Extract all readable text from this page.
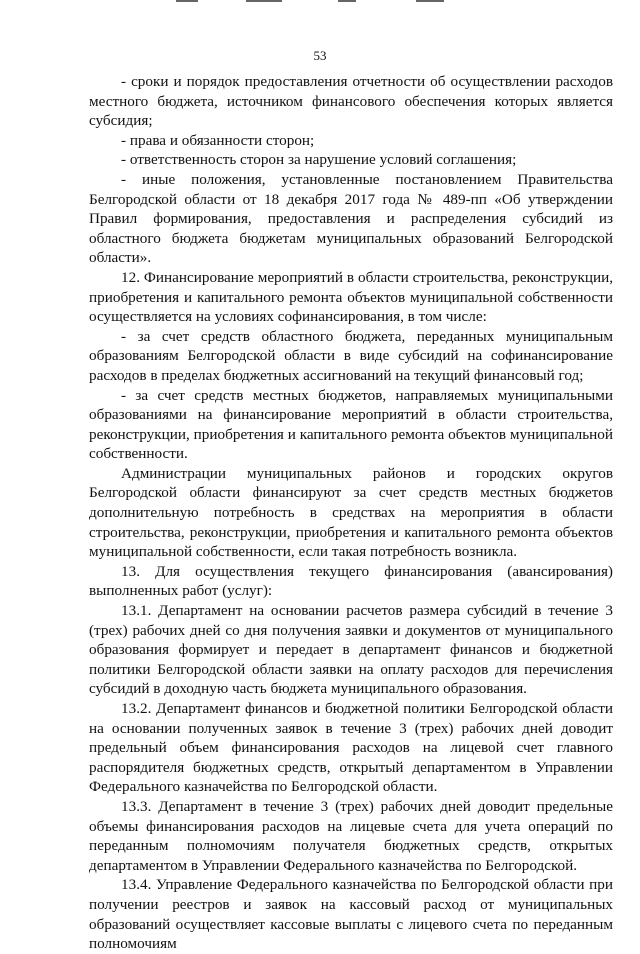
53

- сроки и порядок предоставления отчетности об осуществлении расходов местного бюджета, источником финансового обеспечения которых является субсидия;

- права и обязанности сторон;

- ответственность сторон за нарушение условий соглашения;

- иные положения, установленные постановлением Правительства Белгородской области от 18 декабря 2017 года № 489-пп «Об утверждении Правил формирования, предоставления и распределения субсидий из областного бюджета бюджетам муниципальных образований Белгородской области».

12. Финансирование мероприятий в области строительства, реконструкции, приобретения и капитального ремонта объектов муниципальной собственности осуществляется на условиях софинансирования, в том числе:

- за счет средств областного бюджета, переданных муниципальным образованиям Белгородской области в виде субсидий на софинансирование расходов в пределах бюджетных ассигнований на текущий финансовый год;

- за счет средств местных бюджетов, направляемых муниципальными образованиями на финансирование мероприятий в области строительства, реконструкции, приобретения и капитального ремонта объектов муниципальной собственности.

Администрации муниципальных районов и городских округов Белгородской области финансируют за счет средств местных бюджетов дополнительную потребность в средствах на мероприятия в области строительства, реконструкции, приобретения и капитального ремонта объектов муниципальной собственности, если такая потребность возникла.

13. Для осуществления текущего финансирования (авансирования) выполненных работ (услуг):

13.1. Департамент на основании расчетов размера субсидий в течение 3 (трех) рабочих дней со дня получения заявки и документов от муниципального образования формирует и передает в департамент финансов и бюджетной политики Белгородской области заявки на оплату расходов для перечисления субсидий в доходную часть бюджета муниципального образования.

13.2. Департамент финансов и бюджетной политики Белгородской области на основании полученных заявок в течение 3 (трех) рабочих дней доводит предельный объем финансирования расходов на лицевой счет главного распорядителя бюджетных средств, открытый департаментом в Управлении Федерального казначейства по Белгородской области.

13.3. Департамент в течение 3 (трех) рабочих дней доводит предельные объемы финансирования расходов на лицевые счета для учета операций по переданным полномочиям получателя бюджетных средств, открытых департаментом в Управлении Федерального казначейства по Белгородской.

13.4. Управление Федерального казначейства по Белгородской области при получении реестров и заявок на кассовый расход от муниципальных образований осуществляет кассовые выплаты с лицевого счета по переданным полномочиям
